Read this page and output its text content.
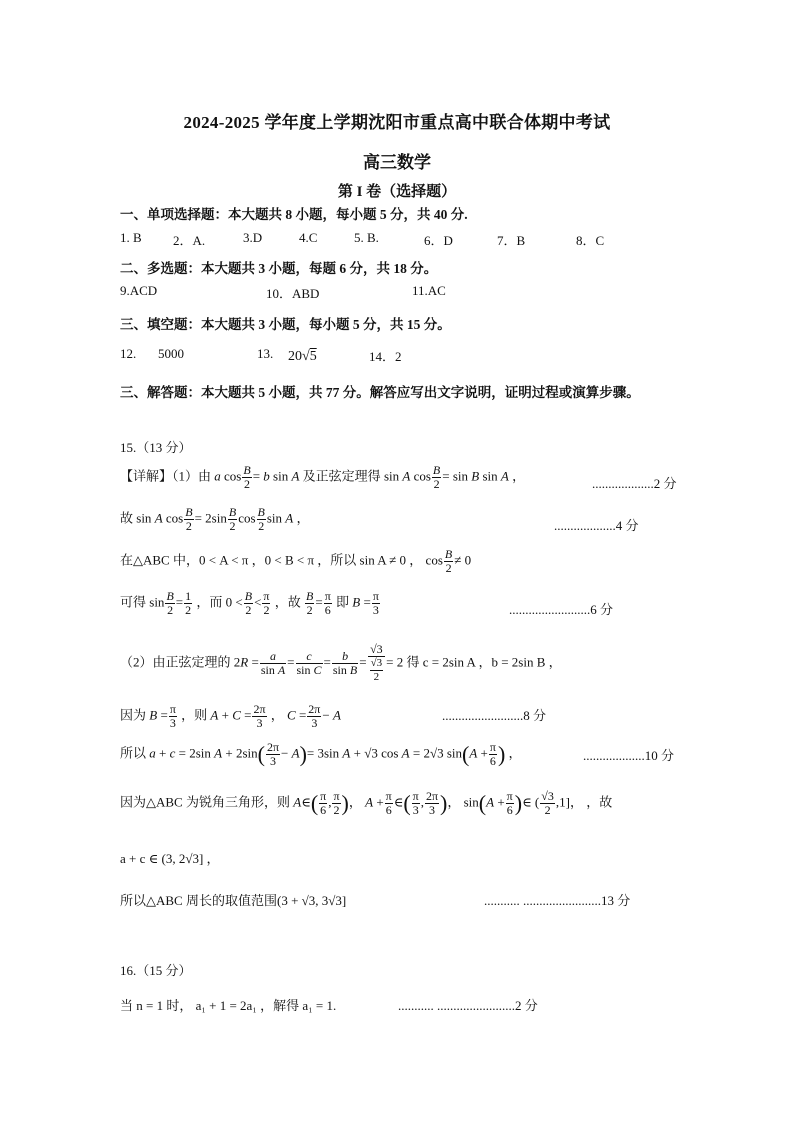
2024-2025 学年度上学期沈阳市重点高中联合体期中考试
高三数学
第 I 卷（选择题）
一、单项选择题：本大题共 8 小题，每小题 5 分，共 40 分.
1. B 2．A.	3.D	4.C	5. B.	6．D	7．B	8．C
二、多选题：本大题共 3 小题，每题 6 分，共 18 分。
9.ACD	10．ABD	11.AC
三、填空题：本大题共 3 小题，每小题 5 分，共 15 分。
12. 5000	13. 20√5	14．2
三、解答题：本大题共 5 小题，共 77 分。解答应写出文字说明，证明过程或演算步骤。
15.（13 分）
【详解】（1）由 a $\cos \frac{B}{2} = b$ sin A 及正弦定理得 sin A $\cos \frac{B}{2} = \sin B$ sin A ，
...................2 分
故 sin A $\cos \frac{B}{2} = 2\sin \frac{B}{2}$ $\cos \frac{B}{2}$ sin A ，
...................4 分
在△ABC 中，0 < A < π ，0 < B < π ，所以 sin A ≠ 0 ， $\cos \frac{B}{2} \ne 0$
可得 $\sin \frac{B}{2} = \frac{1}{2}$ ，而 $0 < \frac{B}{2} < \frac{\pi}{2}$ ，故 $\frac{B}{2} = \frac{\pi}{6}$ 即 $B = \frac{\pi}{3}$	.........................6 分
（2）由正弦定理的 $2R = \frac{a}{\text{sin A}} = \frac{c}{\text{sin C}} = \frac{b}{\text{sin B}} = \frac{√3}{\frac{√3}{2}} = 2$ 得 c = 2sin A ，b = 2sin B ，
因为 $B = \frac{\pi}{3}$ ，则 $A + C = \frac{2\pi}{3}$ ， $C = \frac{2\pi}{3} - A$	.........................8 分
所以 a + c = 2sin $A + 2\sin( \frac{2\pi}{3} - A)= 3\sin$ A + √3 cos A = 2√3 $\sin(A + \frac{\pi}{6}$ ) ，	...................10 分
因为△ABC 为锐角三角形，则 A∈( $\frac{\pi}{6}$ , $\frac{\pi}{2}$ )， $A + \frac{\pi}{6}$ ∈( $\frac{\pi}{3}$ , $\frac{2\pi}{3}$ )， $\sin(A + \frac{\pi}{6}$ )∈ ( $\frac{√3}{2} ,1$]， ，故
a + c ∈ (3, 2√3] ，
所以△ABC 周长的取值范围(3 + √3, 3√3]	........... ........................13 分
16.（15 分）
当 n = 1 时， a₁ + 1 = 2a₁ ，解得 a₁ = 1.	........... ........................2 分
